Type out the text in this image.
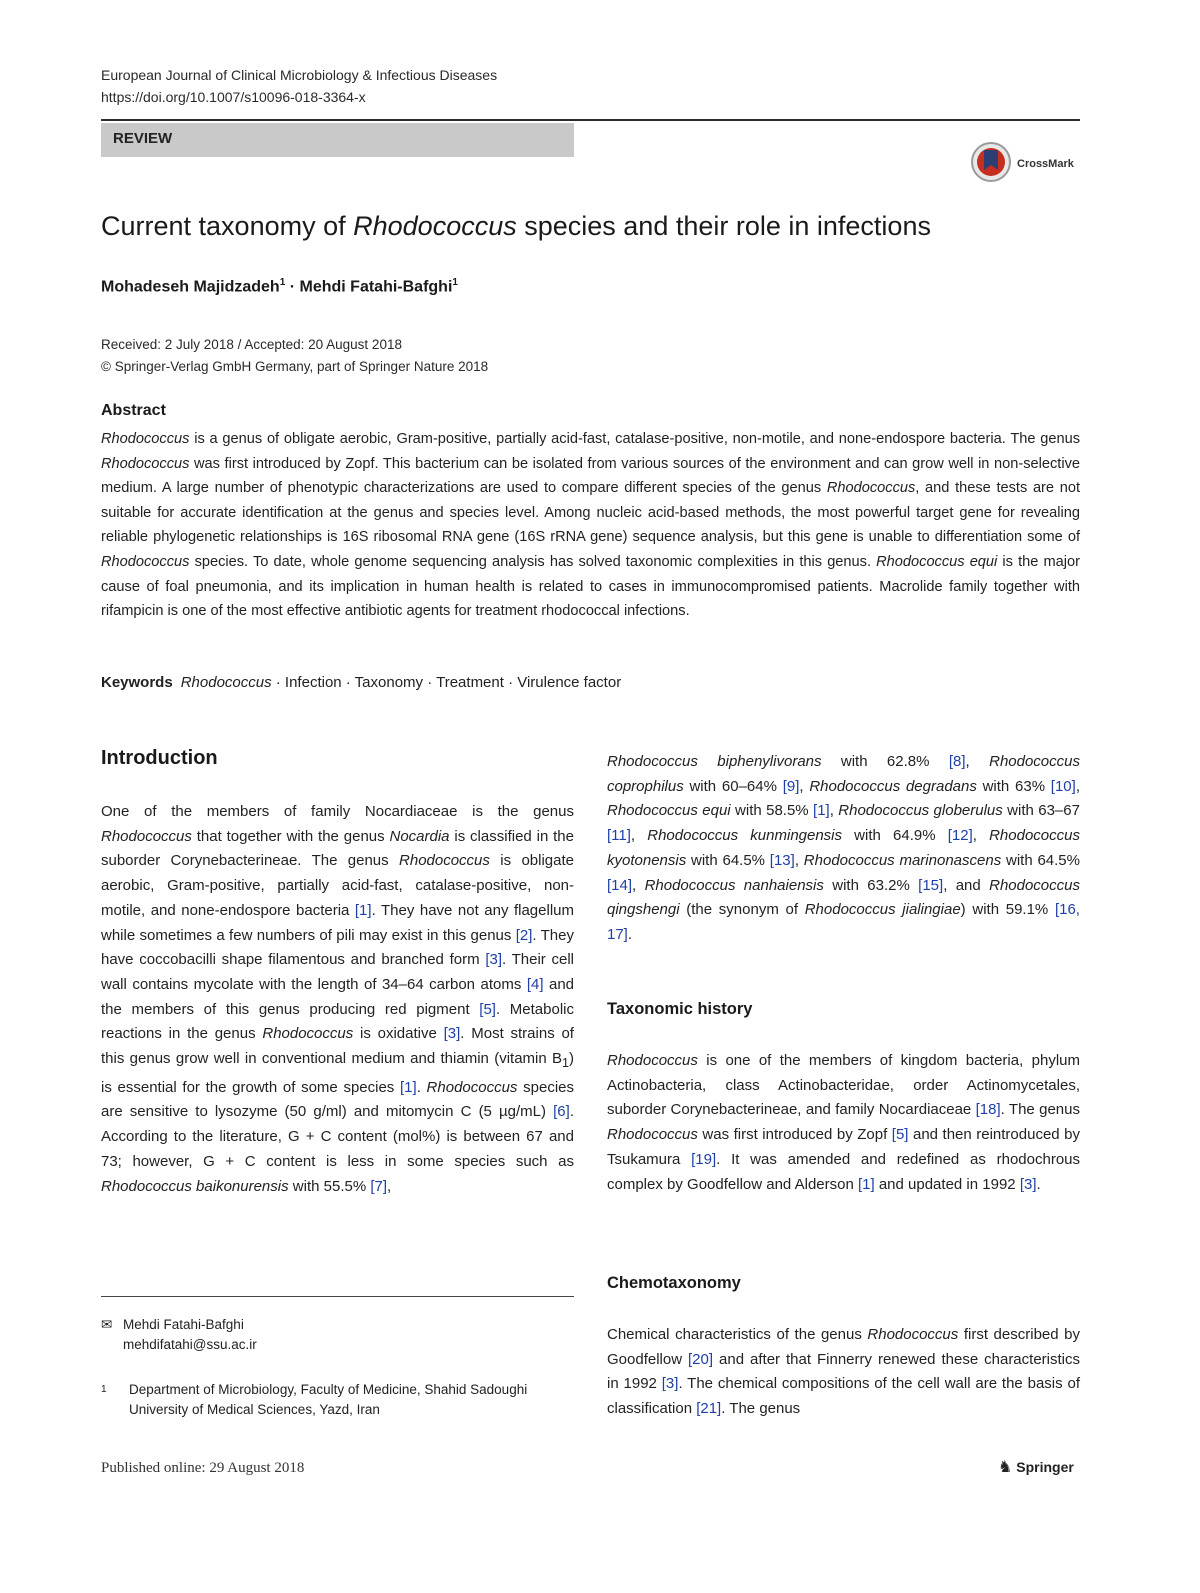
European Journal of Clinical Microbiology & Infectious Diseases
https://doi.org/10.1007/s10096-018-3364-x
REVIEW
CrossMark
Current taxonomy of Rhodococcus species and their role in infections
Mohadeseh Majidzadeh$^1$ · Mehdi Fatahi-Bafghi$^1$
Received: 2 July 2018 / Accepted: 20 August 2018
© Springer-Verlag GmbH Germany, part of Springer Nature 2018
Abstract
Rhodococcus is a genus of obligate aerobic, Gram-positive, partially acid-fast, catalase-positive, non-motile, and none-endospore bacteria. The genus Rhodococcus was first introduced by Zopf. This bacterium can be isolated from various sources of the environment and can grow well in non-selective medium. A large number of phenotypic characterizations are used to compare different species of the genus Rhodococcus, and these tests are not suitable for accurate identification at the genus and species level. Among nucleic acid-based methods, the most powerful target gene for revealing reliable phylogenetic relationships is 16S ribosomal RNA gene (16S rRNA gene) sequence analysis, but this gene is unable to differentiation some of Rhodococcus species. To date, whole genome sequencing analysis has solved taxonomic complexities in this genus. Rhodococcus equi is the major cause of foal pneumonia, and its implication in human health is related to cases in immunocompromised patients. Macrolide family together with rifampicin is one of the most effective antibiotic agents for treatment rhodococcal infections.
Keywords Rhodococcus · Infection · Taxonomy · Treatment · Virulence factor
Introduction
One of the members of family Nocardiaceae is the genus Rhodococcus that together with the genus Nocardia is classified in the suborder Corynebacterineae. The genus Rhodococcus is obligate aerobic, Gram-positive, partially acid-fast, catalase-positive, non-motile, and none-endospore bacteria [1]. They have not any flagellum while sometimes a few numbers of pili may exist in this genus [2]. They have coccobacilli shape filamentous and branched form [3]. Their cell wall contains mycolate with the length of 34–64 carbon atoms [4] and the members of this genus producing red pigment [5]. Metabolic reactions in the genus Rhodococcus is oxidative [3]. Most strains of this genus grow well in conventional medium and thiamin (vitamin $B_1$) is essential for the growth of some species [1]. Rhodococcus species are sensitive to lysozyme (50 g/ml) and mitomycin C (5 µg/mL) [6]. According to the literature, G + C content (mol%) is between 67 and 73; however, G + C content is less in some species such as Rhodococcus baikonurensis with 55.5% [7],
✉ Mehdi Fatahi-Bafghi
mehdifatahi@ssu.ac.ir
1	Department of Microbiology, Faculty of Medicine, Shahid Sadoughi
University of Medical Sciences, Yazd, Iran
Rhodococcus biphenylivorans with 62.8% [8], Rhodococcus coprophilus with 60–64% [9], Rhodococcus degradans with 63% [10], Rhodococcus equi with 58.5% [1], Rhodococcus globerulus with 63–67 [11], Rhodococcus kunmingensis with 64.9% [12], Rhodococcus kyotonensis with 64.5% [13], Rhodococcus marinonascens with 64.5% [14], Rhodococcus nanhaiensis with 63.2% [15], and Rhodococcus qingshengi (the synonym of Rhodococcus jialingiae) with 59.1% [16, 17].
Taxonomic history
Rhodococcus is one of the members of kingdom bacteria, phylum Actinobacteria, class Actinobacteridae, order Actinomycetales, suborder Corynebacterineae, and family Nocardiaceae [18]. The genus Rhodococcus was first introduced by Zopf [5] and then reintroduced by Tsukamura [19]. It was amended and redefined as rhodochrous complex by Goodfellow and Alderson [1] and updated in 1992 [3].
Chemotaxonomy
Chemical characteristics of the genus Rhodococcus first described by Goodfellow [20] and after that Finnerry renewed these characteristics in 1992 [3]. The chemical compositions of the cell wall are the basis of classification [21]. The genus
Published online: 29 August 2018	♞ Springer
